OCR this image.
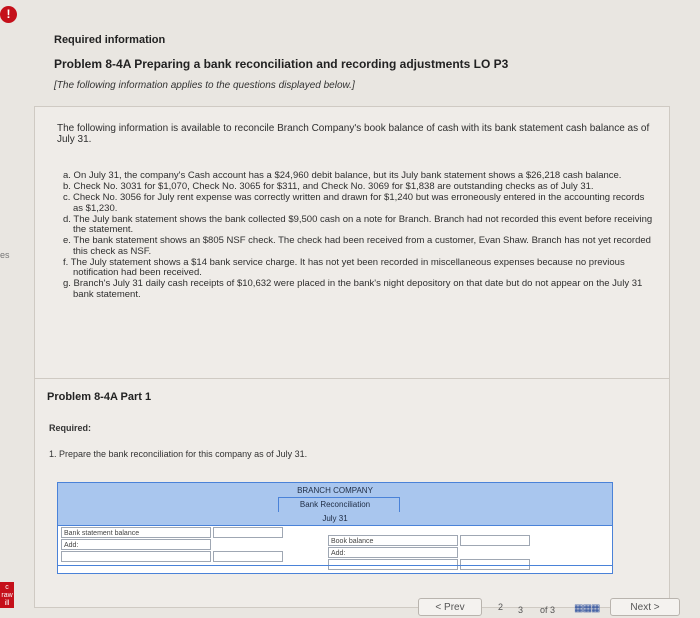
!
es
c raw ill
Required information
Problem 8-4A Preparing a bank reconciliation and recording adjustments LO P3
[The following information applies to the questions displayed below.]
The following information is available to reconcile Branch Company's book balance of cash with its bank statement cash balance as of July 31.
a. On July 31, the company's Cash account has a $24,960 debit balance, but its July bank statement shows a $26,218 cash balance.
b. Check No. 3031 for $1,070, Check No. 3065 for $311, and Check No. 3069 for $1,838 are outstanding checks as of July 31.
c. Check No. 3056 for July rent expense was correctly written and drawn for $1,240 but was erroneously entered in the accounting records as $1,230.
d. The July bank statement shows the bank collected $9,500 cash on a note for Branch. Branch had not recorded this event before receiving the statement.
e. The bank statement shows an $805 NSF check. The check had been received from a customer, Evan Shaw. Branch has not yet recorded this check as NSF.
f. The July statement shows a $14 bank service charge. It has not yet been recorded in miscellaneous expenses because no previous notification had been received.
g. Branch's July 31 daily cash receipts of $10,632 were placed in the bank's night depository on that date but do not appear on the July 31 bank statement.
Problem 8-4A Part 1
Required:
1. Prepare the bank reconciliation for this company as of July 31.
BRANCH COMPANY
Bank Reconciliation
July 31
Bank statement balance
Add:
Book balance
Add:
< Prev	2 3 of 3 ▦▦▦	Next >
